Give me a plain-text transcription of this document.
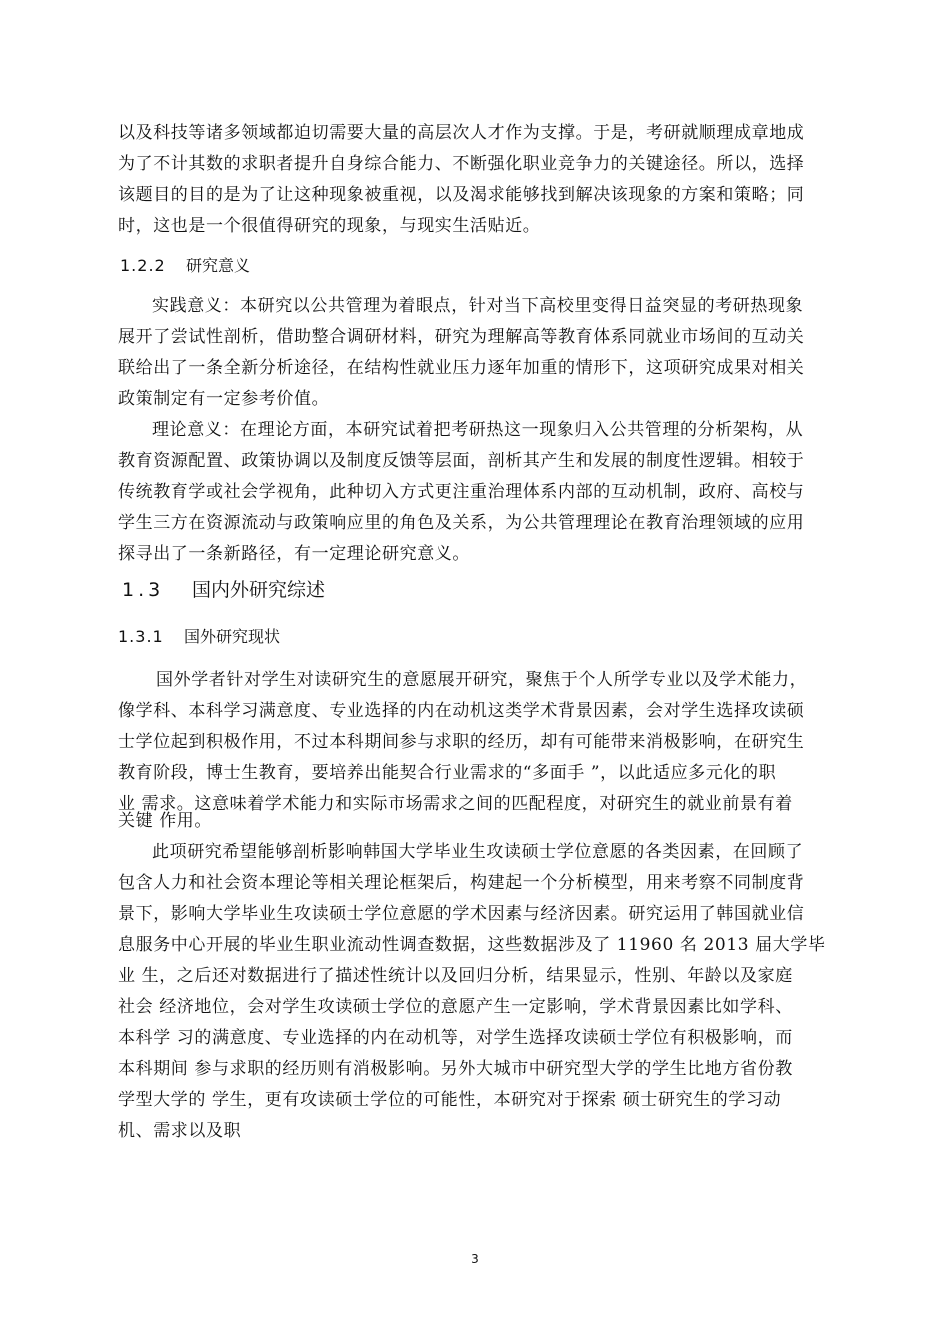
以及科技等诸多领域都迫切需要大量的高层次人才作为支撑。于是，考研就顺理成章地成
为了不计其数的求职者提升自身综合能力、不断强化职业竞争力的关键途径。所以，选择
该题目的目的是为了让这种现象被重视，以及渴求能够找到解决该现象的方案和策略；同
时，这也是一个很值得研究的现象，与现实生活贴近。
1.2.2 研究意义
实践意义：本研究以公共管理为着眼点，针对当下高校里变得日益突显的考研热现象
展开了尝试性剖析，借助整合调研材料，研究为理解高等教育体系同就业市场间的互动关
联给出了一条全新分析途径，在结构性就业压力逐年加重的情形下，这项研究成果对相关
政策制定有一定参考价值。
理论意义：在理论方面，本研究试着把考研热这一现象归入公共管理的分析架构，从
教育资源配置、政策协调以及制度反馈等层面，剖析其产生和发展的制度性逻辑。相较于
传统教育学或社会学视角，此种切入方式更注重治理体系内部的互动机制，政府、高校与
学生三方在资源流动与政策响应里的角色及关系，为公共管理理论在教育治理领域的应用
探寻出了一条新路径，有一定理论研究意义。
1.3 国内外研究综述
1.3.1 国外研究现状
国外学者针对学生对读研究生的意愿展开研究，聚焦于个人所学专业以及学术能力，
像学科、本科学习满意度、专业选择的内在动机这类学术背景因素，会对学生选择攻读硕
士学位起到积极作用，不过本科期间参与求职的经历，却有可能带来消极影响，在研究生
教育阶段，博士生教育，要培养出能契合行业需求的“多面手 ”，以此适应多元化的职
业 需求。这意味着学术能力和实际市场需求之间的匹配程度，对研究生的就业前景有着
关键 作用。
此项研究希望能够剖析影响韩国大学毕业生攻读硕士学位意愿的各类因素，在回顾了
包含人力和社会资本理论等相关理论框架后，构建起一个分析模型，用来考察不同制度背
景下，影响大学毕业生攻读硕士学位意愿的学术因素与经济因素。研究运用了韩国就业信
息服务中心开展的毕业生职业流动性调查数据，这些数据涉及了 11960 名 2013 届大学毕
业 生，之后还对数据进行了描述性统计以及回归分析，结果显示，性别、年龄以及家庭
社会 经济地位，会对学生攻读硕士学位的意愿产生一定影响，学术背景因素比如学科、
本科学 习的满意度、专业选择的内在动机等，对学生选择攻读硕士学位有积极影响，而
本科期间 参与求职的经历则有消极影响。另外大城市中研究型大学的学生比地方省份教
学型大学的 学生，更有攻读硕士学位的可能性，本研究对于探索 硕士研究生的学习动
机、需求以及职
3
